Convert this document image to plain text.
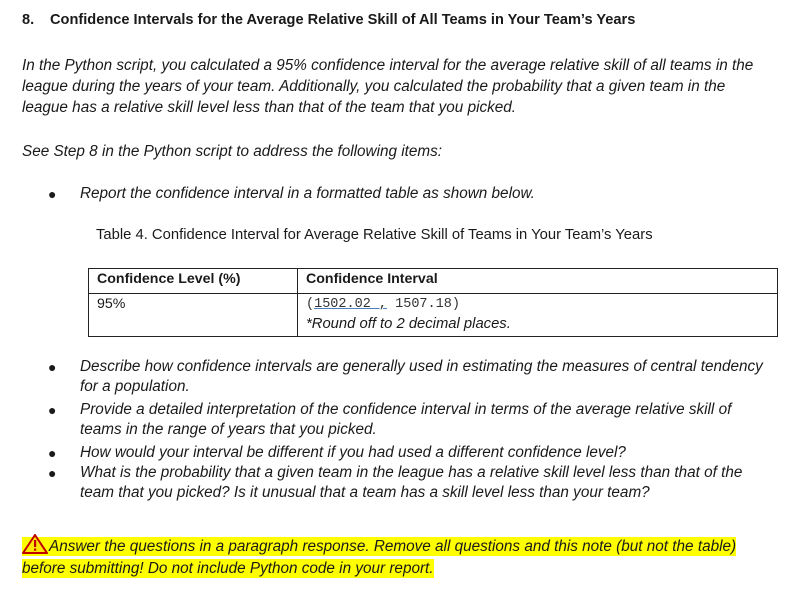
8. Confidence Intervals for the Average Relative Skill of All Teams in Your Team’s Years
In the Python script, you calculated a 95% confidence interval for the average relative skill of all teams in the league during the years of your team. Additionally, you calculated the probability that a given team in the league has a relative skill level less than that of the team that you picked.
See Step 8 in the Python script to address the following items:
● Report the confidence interval in a formatted table as shown below.
Table 4. Confidence Interval for Average Relative Skill of Teams in Your Team’s Years
Confidence Level (%)	Confidence Interval
95%	(1502.02 , 1507.18)
*Round off to 2 decimal places.
● Describe how confidence intervals are generally used in estimating the measures of central tendency for a population.
● Provide a detailed interpretation of the confidence interval in terms of the average relative skill of teams in the range of years that you picked.
● How would your interval be different if you had used a different confidence level?
● What is the probability that a given team in the league has a relative skill level less than that of the team that you picked? Is it unusual that a team has a skill level less than your team?
Answer the questions in a paragraph response. Remove all questions and this note (but not the table) before submitting! Do not include Python code in your report.
